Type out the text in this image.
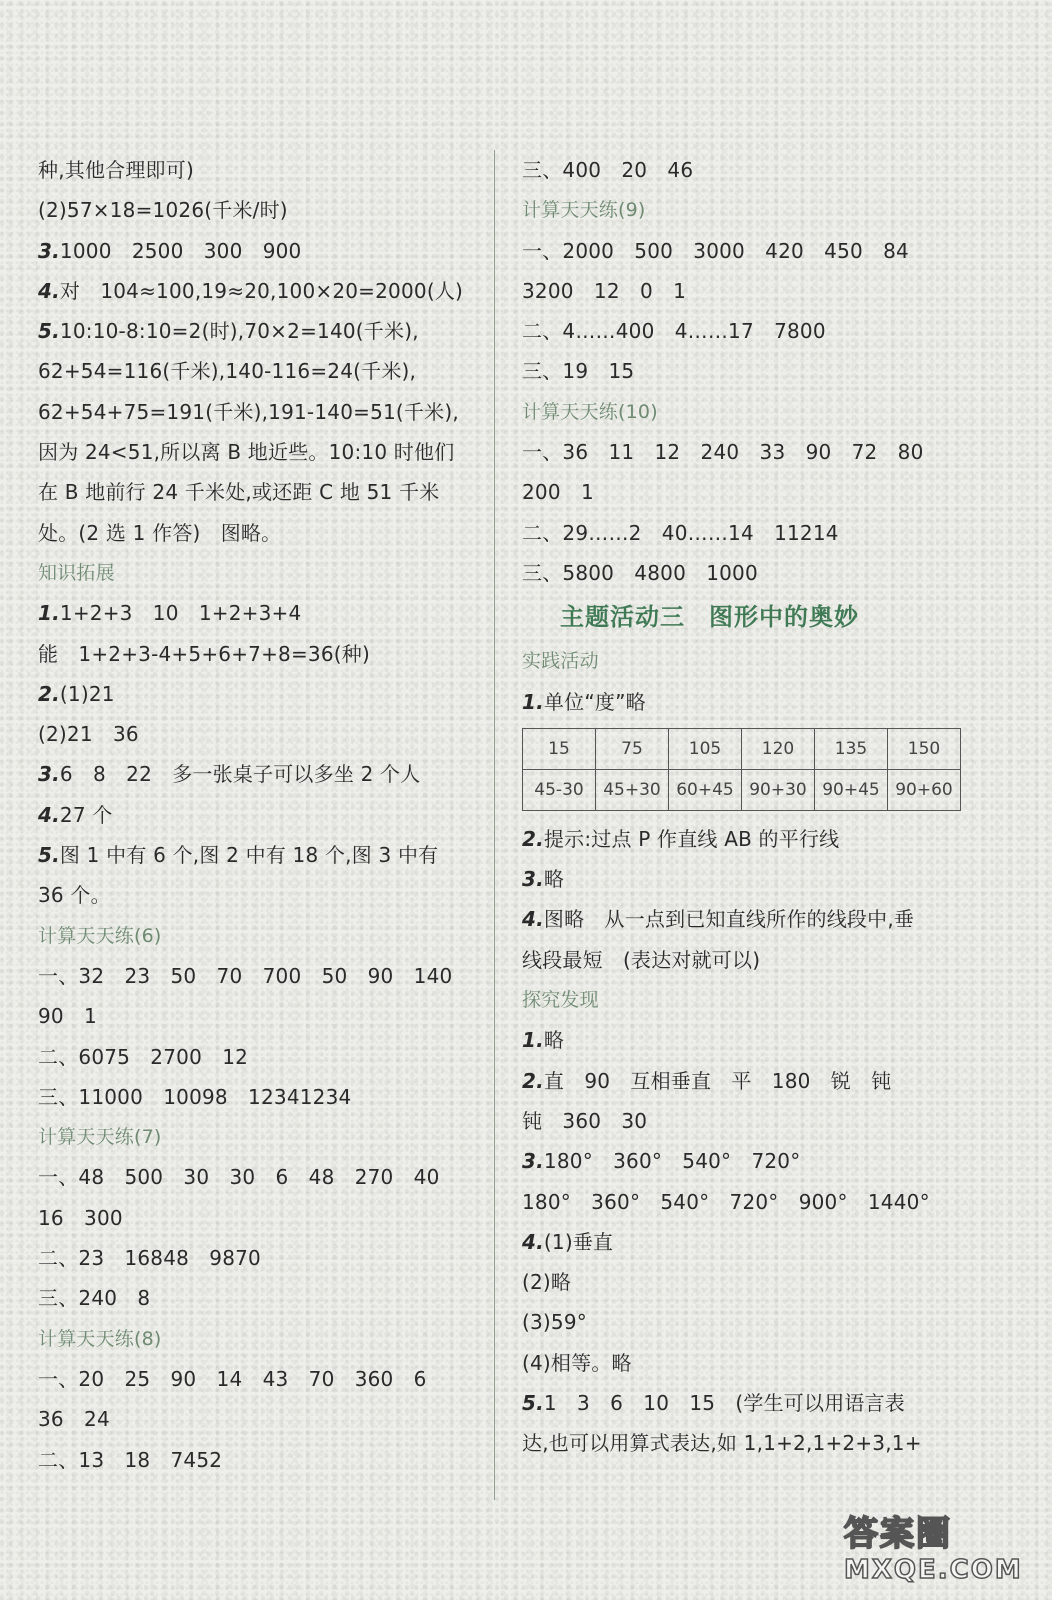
种,其他合理即可)
(2)57×18=1026(千米/时)
3.1000　2500　300　900
4.对　104≈100,19≈20,100×20=2000(人)
5.10:10-8:10=2(时),70×2=140(千米),
62+54=116(千米),140-116=24(千米),
62+54+75=191(千米),191-140=51(千米),
因为 24<51,所以离 B 地近些。10:10 时他们
在 B 地前行 24 千米处,或还距 C 地 51 千米
处。(2 选 1 作答)　图略。
知识拓展
1.1+2+3　10　1+2+3+4
能　1+2+3-4+5+6+7+8=36(种)
2.(1)21
(2)21　36
3.6　8　22　多一张桌子可以多坐 2 个人
4.27 个
5.图 1 中有 6 个,图 2 中有 18 个,图 3 中有
36 个。
计算天天练(6)
一、32　23　50　70　700　50　90　140
90　1
二、6075　2700　12
三、11000　10098　12341234
计算天天练(7)
一、48　500　30　30　6　48　270　40
16　300
二、23　16848　9870
三、240　8
计算天天练(8)
一、20　25　90　14　43　70　360　6
36　24
二、13　18　7452
三、400　20　46
计算天天练(9)
一、2000　500　3000　420　450　84
3200　12　0　1
二、4……400　4……17　7800
三、19　15
计算天天练(10)
一、36　11　12　240　33　90　72　80
200　1
二、29……2　40……14　11214
三、5800　4800　1000
主题活动三 图形中的奥妙
实践活动
1.单位“度”略
15	75	105	120	135	150
45-30	45+30	60+45	90+30	90+45	90+60
2.提示:过点 P 作直线 AB 的平行线
3.略
4.图略　从一点到已知直线所作的线段中,垂
线段最短　(表达对就可以)
探究发现
1.略
2.直　90　互相垂直　平　180　锐　钝
钝　360　30
3.180°　360°　540°　720°
180°　360°　540°　720°　900°　1440°
4.(1)垂直
(2)略
(3)59°
(4)相等。略
5.1　3　6　10　15　(学生可以用语言表
达,也可以用算式表达,如 1,1+2,1+2+3,1+
答案圈
MXQE.COM
